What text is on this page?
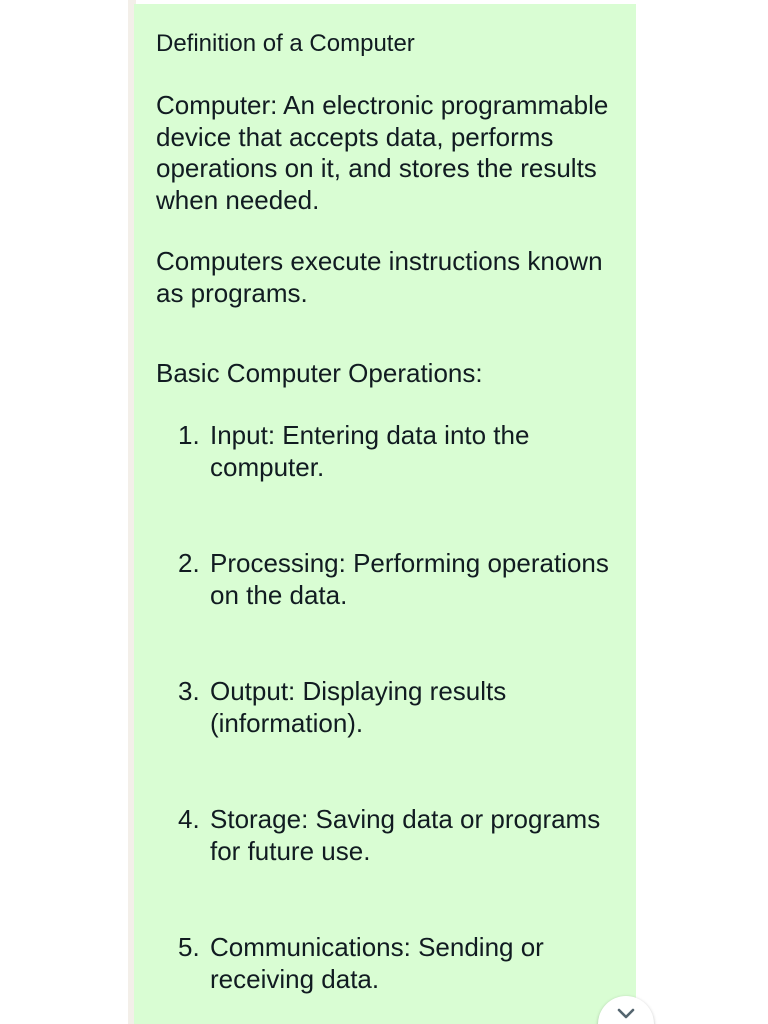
Definition of a Computer
Computer: An electronic programmable device that accepts data, performs operations on it, and stores the results when needed.
Computers execute instructions known as programs.
Basic Computer Operations:
1. Input: Entering data into the computer.
2. Processing: Performing operations on the data.
3. Output: Displaying results (information).
4. Storage: Saving data or programs for future use.
5. Communications: Sending or receiving data.
